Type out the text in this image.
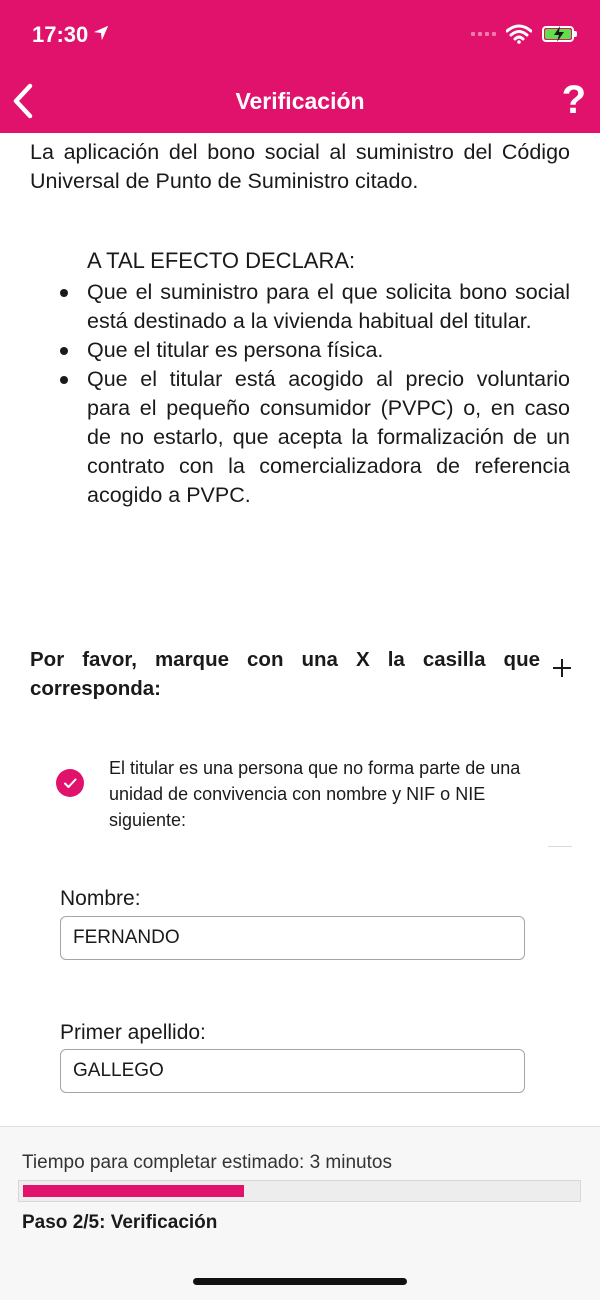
17:30
Verificación	?
La aplicación del bono social al suministro del Código Universal de Punto de Suministro citado.
A TAL EFECTO DECLARA:
Que el suministro para el que solicita bono social está destinado a la vivienda habitual del titular.
Que el titular es persona física.
Que el titular está acogido al precio voluntario para el pequeño consumidor (PVPC) o, en caso de no estarlo, que acepta la formalización de un contrato con la comercializadora de referencia acogido a PVPC.
Por favor, marque con una X la casilla que corresponda:
El titular es una persona que no forma parte de una unidad de convivencia con nombre y NIF o NIE siguiente:
Nombre:
FERNANDO
Primer apellido:
GALLEGO
Tiempo para completar estimado: 3 minutos
Paso 2/5: Verificación
